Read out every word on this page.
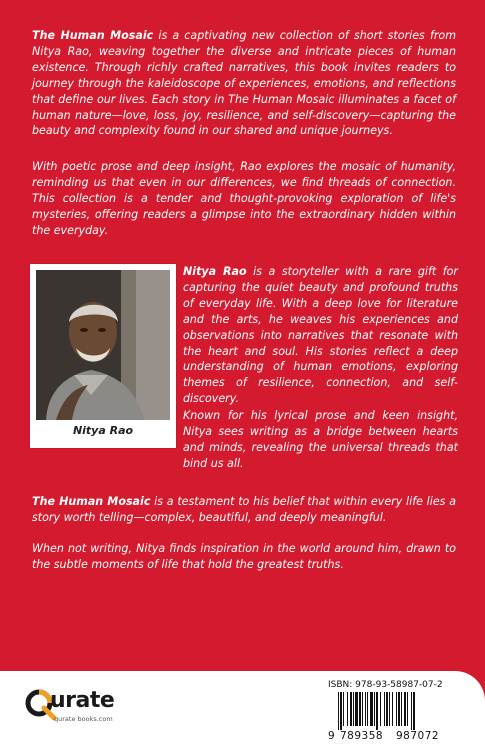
The Human Mosaic is a captivating new collection of short stories from Nitya Rao, weaving together the diverse and intricate pieces of human existence. Through richly crafted narratives, this book invites readers to journey through the kaleidoscope of experiences, emotions, and reflections that define our lives. Each story in The Human Mosaic illuminates a facet of human nature—love, loss, joy, resilience, and self-discovery—capturing the beauty and complexity found in our shared and unique journeys.

With poetic prose and deep insight, Rao explores the mosaic of humanity, reminding us that even in our differences, we find threads of connection. This collection is a tender and thought-provoking exploration of life's mysteries, offering readers a glimpse into the extraordinary hidden within the everyday.

Nitya Rao

Nitya Rao is a storyteller with a rare gift for capturing the quiet beauty and profound truths of everyday life. With a deep love for literature and the arts, he weaves his experiences and observations into narratives that resonate with the heart and soul. His stories reflect a deep understanding of human emotions, exploring themes of resilience, connection, and self-discovery.

Known for his lyrical prose and keen insight, Nitya sees writing as a bridge between hearts and minds, revealing the universal threads that bind us all.

The Human Mosaic is a testament to his belief that within every life lies a story worth telling—complex, beautiful, and deeply meaningful.

When not writing, Nitya finds inspiration in the world around him, drawn to the subtle moments of life that hold the greatest truths.

urate
qurate books.com
ISBN: 978-93-58987-07-2
9 789358 987072
